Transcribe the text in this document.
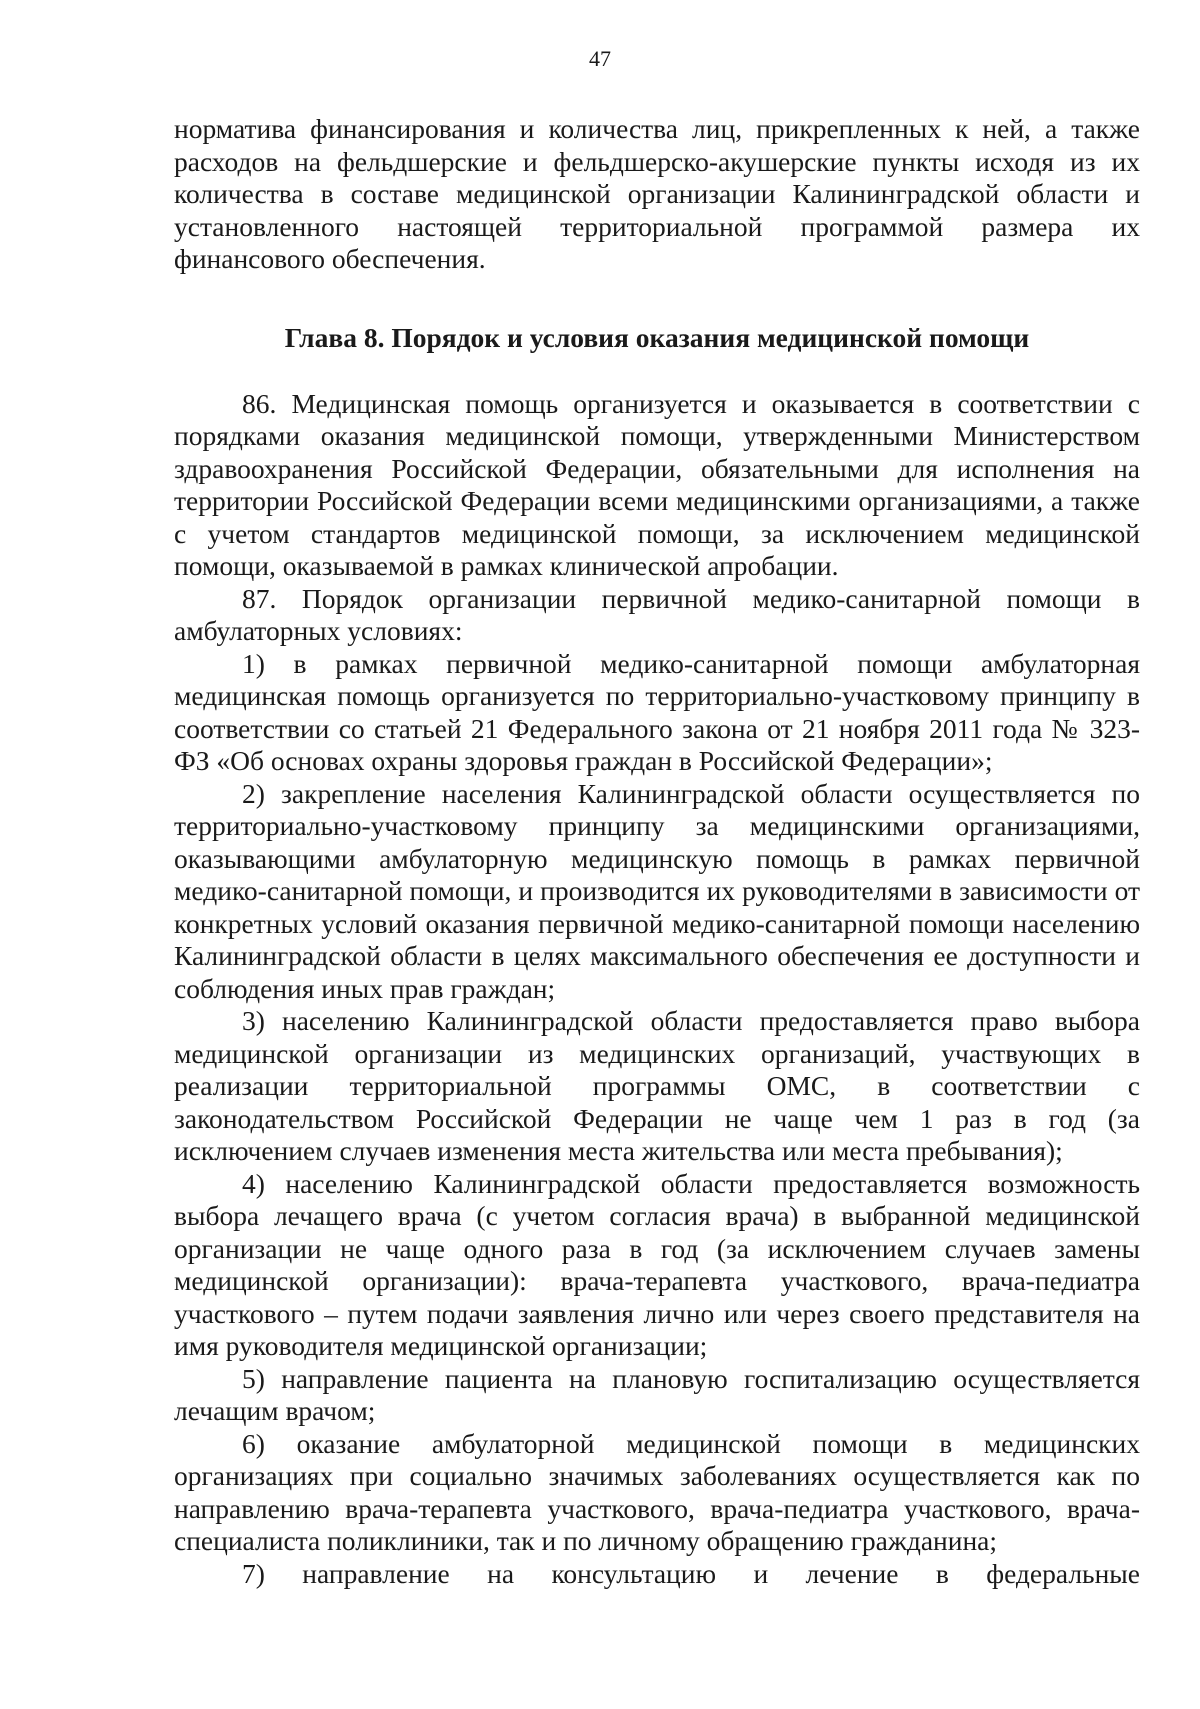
47

норматива финансирования и количества лиц, прикрепленных к ней, а также расходов на фельдшерские и фельдшерско-акушерские пункты исходя из их количества в составе медицинской организации Калининградской области и установленного настоящей территориальной программой размера их финансового обеспечения.

Глава 8. Порядок и условия оказания медицинской помощи

86. Медицинская помощь организуется и оказывается в соответствии с порядками оказания медицинской помощи, утвержденными Министерством здравоохранения Российской Федерации, обязательными для исполнения на территории Российской Федерации всеми медицинскими организациями, а также с учетом стандартов медицинской помощи, за исключением медицинской помощи, оказываемой в рамках клинической апробации.

87. Порядок организации первичной медико-санитарной помощи в амбулаторных условиях:

1) в рамках первичной медико-санитарной помощи амбулаторная медицинская помощь организуется по территориально-участковому принципу в соответствии со статьей 21 Федерального закона от 21 ноября 2011 года № 323-ФЗ «Об основах охраны здоровья граждан в Российской Федерации»;

2) закрепление населения Калининградской области осуществляется по территориально-участковому принципу за медицинскими организациями, оказывающими амбулаторную медицинскую помощь в рамках первичной медико-санитарной помощи, и производится их руководителями в зависимости от конкретных условий оказания первичной медико-санитарной помощи населению Калининградской области в целях максимального обеспечения ее доступности и соблюдения иных прав граждан;

3) населению Калининградской области предоставляется право выбора медицинской организации из медицинских организаций, участвующих в реализации территориальной программы ОМС, в соответствии с законодательством Российской Федерации не чаще чем 1 раз в год (за исключением случаев изменения места жительства или места пребывания);

4) населению Калининградской области предоставляется возможность выбора лечащего врача (с учетом согласия врача) в выбранной медицинской организации не чаще одного раза в год (за исключением случаев замены медицинской организации): врача-терапевта участкового, врача-педиатра участкового – путем подачи заявления лично или через своего представителя на имя руководителя медицинской организации;

5) направление пациента на плановую госпитализацию осуществляется лечащим врачом;

6) оказание амбулаторной медицинской помощи в медицинских организациях при социально значимых заболеваниях осуществляется как по направлению врача-терапевта участкового, врача-педиатра участкового, врача-специалиста поликлиники, так и по личному обращению гражданина;

7) направление на консультацию и лечение в федеральные
